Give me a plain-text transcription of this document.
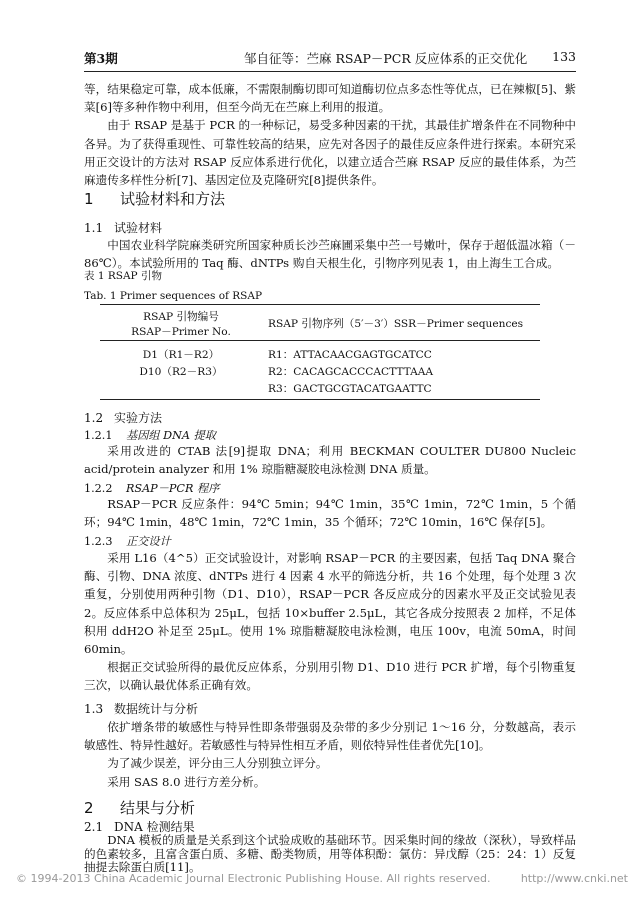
第3期	邹自征等：苎麻 RSAP－PCR 反应体系的正交优化 133

等，结果稳定可靠，成本低廉，不需限制酶切即可知道酶切位点多态性等优点，已在辣椒[5]、紫菜[6]等多种作物中利用，但至今尚无在苎麻上利用的报道。

由于 RSAP 是基于 PCR 的一种标记，易受多种因素的干扰，其最佳扩增条件在不同物种中各异。为了获得重现性、可靠性较高的结果，应先对各因子的最佳反应条件进行探索。本研究采用正交设计的方法对 RSAP 反应体系进行优化，以建立适合苎麻 RSAP 反应的最佳体系，为苎麻遗传多样性分析[7]、基因定位及克隆研究[8]提供条件。

1 试验材料和方法
1.1 试验材料

中国农业科学院麻类研究所国家种质长沙苎麻圃采集中苎一号嫩叶，保存于超低温冰箱（－86℃）。本试验所用的 Taq 酶、dNTPs 购自天根生化，引物序列见表 1，由上海生工合成。

表 1 RSAP 引物
Tab. 1 Primer sequences of RSAP
RSAP 引物编号
RSAP－Primer No.
	RSAP 引物序列（5′－3′）SSR－Primer sequences
D1（R1－R2）	R1：ATTACAACGAGTGCATCC
D10（R2－R3）	R2：CACAGCACCCACTTTAAA
	R3：GACTGCGTACATGAATTC
1.2 实验方法
1.2.1 基因组 DNA 提取

采用改进的 CTAB 法[9]提取 DNA；利用 BECKMAN COULTER DU800 Nucleic acid/protein analyzer 和用 1% 琼脂糖凝胶电泳检测 DNA 质量。

1.2.2 RSAP－PCR 程序

RSAP－PCR 反应条件：94℃ 5min；94℃ 1min，35℃ 1min，72℃ 1min，5 个循环；94℃ 1min，48℃ 1min，72℃ 1min，35 个循环；72℃ 10min，16℃ 保存[5]。

1.2.3 正交设计

采用 L16（4^5）正交试验设计，对影响 RSAP－PCR 的主要因素，包括 Taq DNA 聚合酶、引物、DNA 浓度、dNTPs 进行 4 因素 4 水平的筛选分析，共 16 个处理，每个处理 3 次重复，分别使用两种引物（D1、D10），RSAP－PCR 各反应成分的因素水平及正交试验见表 2。反应体系中总体积为 25μL，包括 10×buffer 2.5μL，其它各成分按照表 2 加样，不足体积用 ddH2O 补足至 25μL。使用 1% 琼脂糖凝胶电泳检测，电压 100v，电流 50mA，时间 60min。

根据正交试验所得的最优反应体系，分别用引物 D1、D10 进行 PCR 扩增，每个引物重复三次，以确认最优体系正确有效。

1.3 数据统计与分析

依扩增条带的敏感性与特异性即条带强弱及杂带的多少分别记 1～16 分，分数越高，表示敏感性、特异性越好。若敏感性与特异性相互矛盾，则依特异性佳者优先[10]。

为了减少误差，评分由三人分别独立评分。

采用 SAS 8.0 进行方差分析。

2 结果与分析
2.1 DNA 检测结果

DNA 模板的质量是关系到这个试验成败的基础环节。因采集时间的缘故（深秋），导致样品的色素较多，且富含蛋白质、多糖、酚类物质，用等体积酚：氯仿：异戊醇（25：24：1）反复抽提去除蛋白质[11]。

© 1994-2013 China Academic Journal Electronic Publishing House. All rights reserved.	http://www.cnki.net
